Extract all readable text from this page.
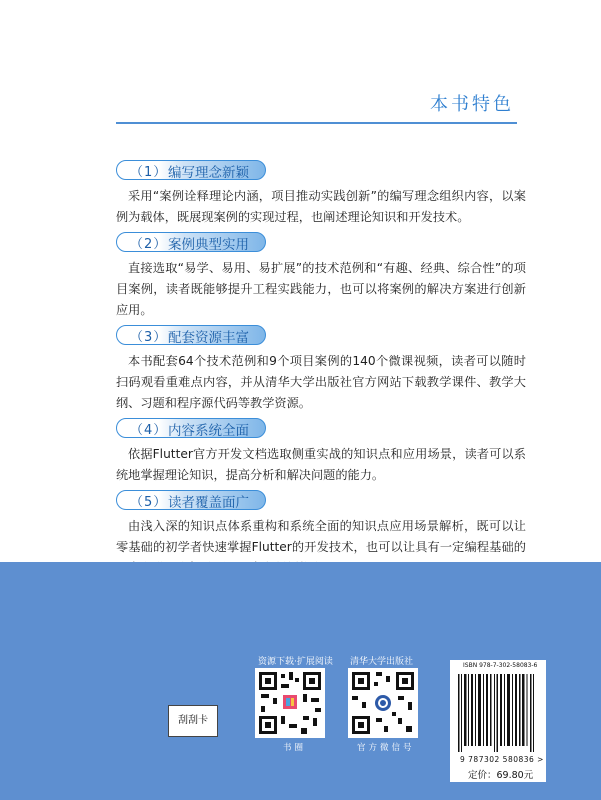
本书特色
（1） 编写理念新颖

采用“案例诠释理论内涵，项目推动实践创新”的编写理念组织内容，以案例为载体，既展现案例的实现过程，也阐述理论知识和开发技术。

（2） 案例典型实用

直接选取“易学、易用、易扩展”的技术范例和“有趣、经典、综合性”的项目案例，读者既能够提升工程实践能力，也可以将案例的解决方案进行创新应用。

（3） 配套资源丰富

本书配套64个技术范例和9个项目案例的140个微课视频，读者可以随时扫码观看重难点内容，并从清华大学出版社官方网站下载教学课件、教学大纲、习题和程序源代码等教学资源。

（4） 内容系统全面

依据Flutter官方开发文档选取侧重实战的知识点和应用场景，读者可以系统地掌握理论知识，提高分析和解决问题的能力。

（5） 读者覆盖面广

由浅入深的知识点体系重构和系统全面的知识点应用场景解析，既可以让零基础的初学者快速掌握Flutter的开发技术，也可以让具有一定编程基础的

刮刮卡
资源下载·扩展阅读
书圈
清华大学出版社
官方微信号
ISBN 978-7-302-58083-6
9 787302 580836 >
定价：69.80元
